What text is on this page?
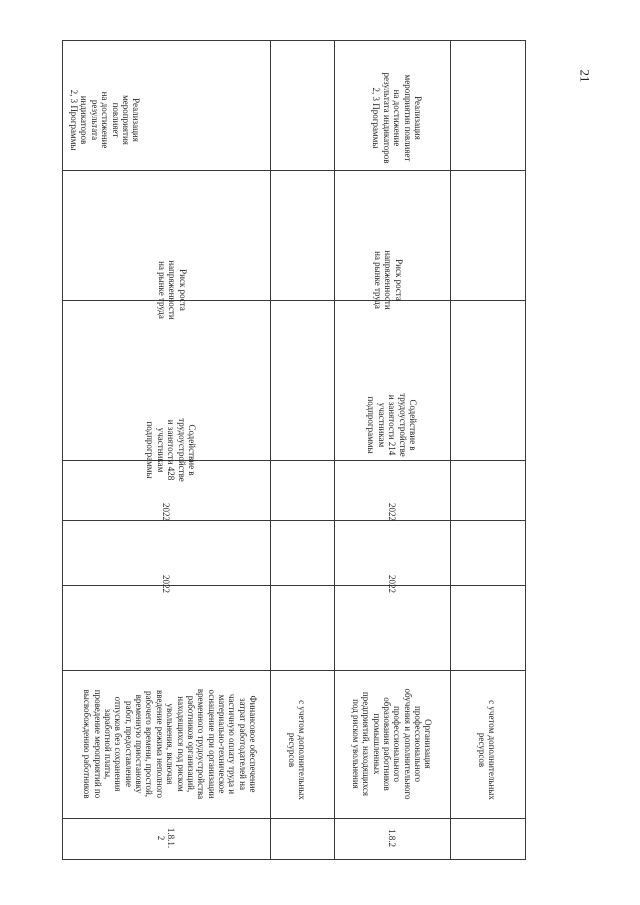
21
1.8.1.
2
Финансовое обеспечение
затрат работодателей на
частичную оплату труда и
материально-техническое
оснащение при организации
временного трудоустройства
работников организаций,
находящихся под риском
увольнения, включая
введение режима неполного
рабочего времени, простой,
временную приостановку
работ, предоставление
отпусков без сохранения
заработной платы,
проведение мероприятий по
высвобождению работников
2022
2022
Содействие в трудоустройстве
и занятости 428 участникам
подпрограммы
Риск роста напряженности
на рынке труда
Реализация
мероприятия повлияет
на достижение
результата индикаторов
2, 3 Программы
с учетом дополнительных
ресурсов
1.8.2
Организация
профессионального
обучения и дополнительного
профессионального
образования работников
промышленных
предприятий, находящихся
под риском увольнения
2022
2022
Содействие в трудоустройстве
и занятости 214 участникам
подпрограммы
Риск роста напряженности
на рынке труда
Реализация
мероприятия повлияет
на достижение
результата индикаторов
2, 3 Программы
с учетом дополнительных
ресурсов
